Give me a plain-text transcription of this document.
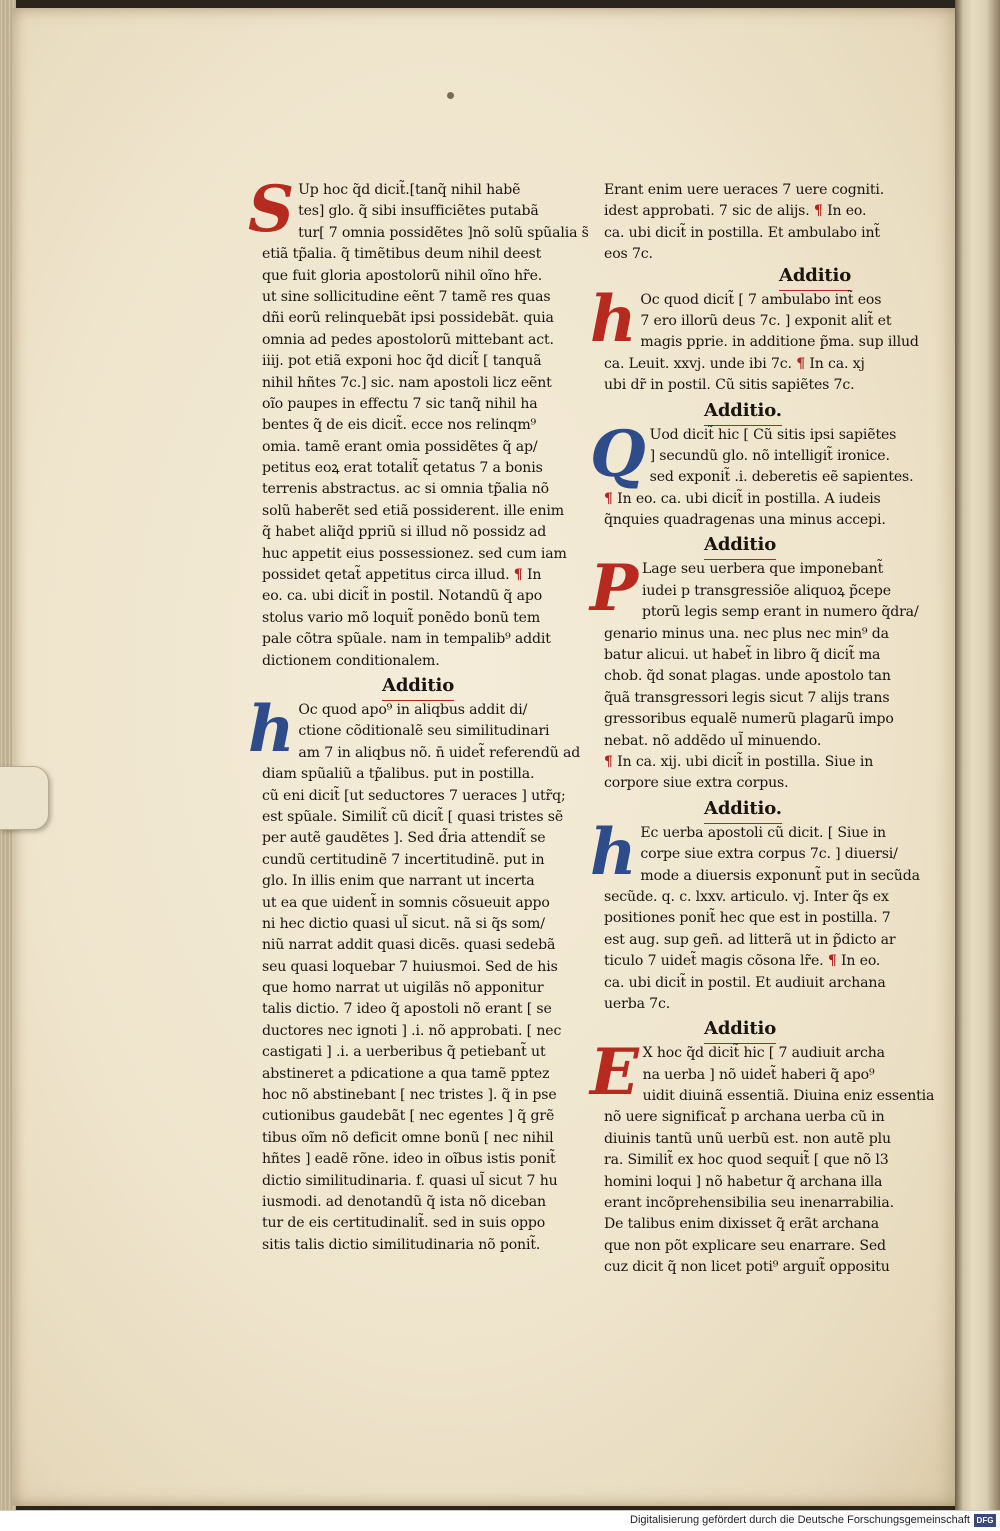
S Up hoc q̃d dicit̃.[tanq̃ nihil habẽ
tes] glo. q̃ sibi insufficiẽtes putabã
tur[ 7 omnia possidẽtes ]nõ solũ spũalia s̃
etiã tp̃alia. q̃ timẽtibus deum nihil deest
que fuit gloria apostolorũ nihil oĩno hr̃e.
ut sine sollicitudine eẽnt 7 tamẽ res quas
dñi eorũ relinquebãt ipsi possidebãt. quia
omnia ad pedes apostolorũ mittebant act.
iiij. pot etiã exponi hoc q̃d dicit̃ [ tanquã
nihil hñtes 7c.] sic. nam apostoli licz eẽnt
oĩo paupes in effectu 7 sic tanq̃ nihil ha
bentes q̃ de eis dicit̃. ecce nos relinqm⁹
omia. tamẽ erant omia possidẽtes q̃ ap/
petitus eoꝝ erat totalit̃ qetatus 7 a bonis
terrenis abstractus. ac si omnia tp̃alia nõ
solũ haberẽt sed etiã possiderent. ille enim
q̃ habet aliq̃d ppriũ si illud nõ possidz ad
huc appetit eius possessionez. sed cum iam
possidet qetat̃ appetitus circa illud. ¶ In
eo. ca. ubi dicit̃ in postil. Notandũ q̃ apo
stolus vario mõ loquit̃ ponẽdo bonũ tem
pale cõtra spũale. nam in tempalib⁹ addit
dictionem conditionalem.
Additio
h Oc quod apo⁹ in aliqbus addit di/
ctione cõditionalẽ seu similitudinari
am 7 in aliqbus nõ. n̄ uidet̃ referendũ ad
diam spũaliũ a tp̃alibus. put in postilla.
cũ eni dicit̃ [ut seductores 7 ueraces ] utr̃q;
est spũale. Similit̃ cũ dicit̃ [ quasi tristes sẽ
per autẽ gaudẽtes ]. Sed d̃ria attendit̃ se
cundũ certitudinẽ 7 incertitudinẽ. put in
glo. In illis enim que narrant ut incerta
ut ea que uident̃ in somnis cõsueuit appo
ni hec dictio quasi ul̃ sicut. nã si q̃s som/
niũ narrat addit quasi dicẽs. quasi sedebã
seu quasi loquebar 7 huiusmoi. Sed de his
que homo narrat ut uigilãs nõ apponitur
talis dictio. 7 ideo q̃ apostoli nõ erant [ se
ductores nec ignoti ] .i. nõ approbati. [ nec
castigati ] .i. a uerberibus q̃ petiebant̃ ut
abstineret a pdicatione a qua tamẽ pptez
hoc nõ abstinebant [ nec tristes ]. q̃ in pse
cutionibus gaudebãt [ nec egentes ] q̃ grẽ
tibus oĩm nõ deficit omne bonũ [ nec nihil
hñtes ] eadẽ rõne. ideo in oĩbus istis ponit̃
dictio similitudinaria. f. quasi ul̃ sicut 7 hu
iusmodi. ad denotandũ q̃ ista nõ diceban
tur de eis certitudinalit̃. sed in suis oppo
sitis talis dictio similitudinaria nõ ponit̃.
Erant enim uere ueraces 7 uere cogniti.
idest approbati. 7 sic de alijs. ¶ In eo.
ca. ubi dicit̃ in postilla. Et ambulabo int̃
eos 7c.
Additio
h Oc quod dicit̃ [ 7 ambulabo int̃ eos
7 ero illorũ deus 7c. ] exponit alit̃ et
magis pprie. in additione p̃ma. sup illud
ca. Leuit. xxvj. unde ibi 7c. ¶ In ca. xj
ubi dr̃ in postil. Cũ sitis sapiẽtes 7c.
Additio.
Q Uod dicit̃ hic [ Cũ sitis ipsi sapiẽtes
] secundũ glo. nõ intelligit̃ ironice.
sed exponit̃ .i. deberetis eẽ sapientes.
¶ In eo. ca. ubi dicit̃ in postilla. A iudeis
q̃nquies quadragenas una minus accepi.
Additio
P Lage seu uerbera que imponebant̃
iudei p transgressiõe aliquoꝝ p̃cepe
ptorũ legis semp erant in numero q̃dra/
genario minus una. nec plus nec min⁹ da
batur alicui. ut habet̃ in libro q̃ dicit̃ ma
chob. q̃d sonat plagas. unde apostolo tan
q̃uã transgressori legis sicut 7 alijs trans
gressoribus equalẽ numerũ plagarũ impo
nebat. nõ addẽdo ul̃ minuendo.
¶ In ca. xij. ubi dicit̃ in postilla. Siue in
corpore siue extra corpus.
Additio.
h Ec uerba apostoli cũ dicit. [ Siue in
corpe siue extra corpus 7c. ] diuersi/
mode a diuersis exponunt̃ put in secũda
secũde. q. c. lxxv. articulo. vj. Inter q̃s ex
positiones ponit̃ hec que est in postilla. 7
est aug. sup geñ. ad litterã ut in p̃dicto ar
ticulo 7 uidet̃ magis cõsona lr̃e. ¶ In eo.
ca. ubi dicit̃ in postil. Et audiuit archana
uerba 7c.
Additio
E X hoc q̃d dicit̃ hic [ 7 audiuit archa
na uerba ] nõ uidet̃ haberi q̃ apo⁹
uidit diuinã essentiã. Diuina eniz essentia
nõ uere significat̃ p archana uerba cũ in
diuinis tantũ unũ uerbũ est. non autẽ plu
ra. Similit̃ ex hoc quod sequit̃ [ que nõ l3
homini loqui ] nõ habetur q̃ archana illa
erant incõprehensibilia seu inenarrabilia.
De talibus enim dixisset q̃ erãt archana
que non põt explicare seu enarrare. Sed
cuz dicit q̃ non licet poti⁹ arguit̃ oppositu
Digitalisierung gefördert durch die Deutsche Forschungsgemeinschaft DFG
